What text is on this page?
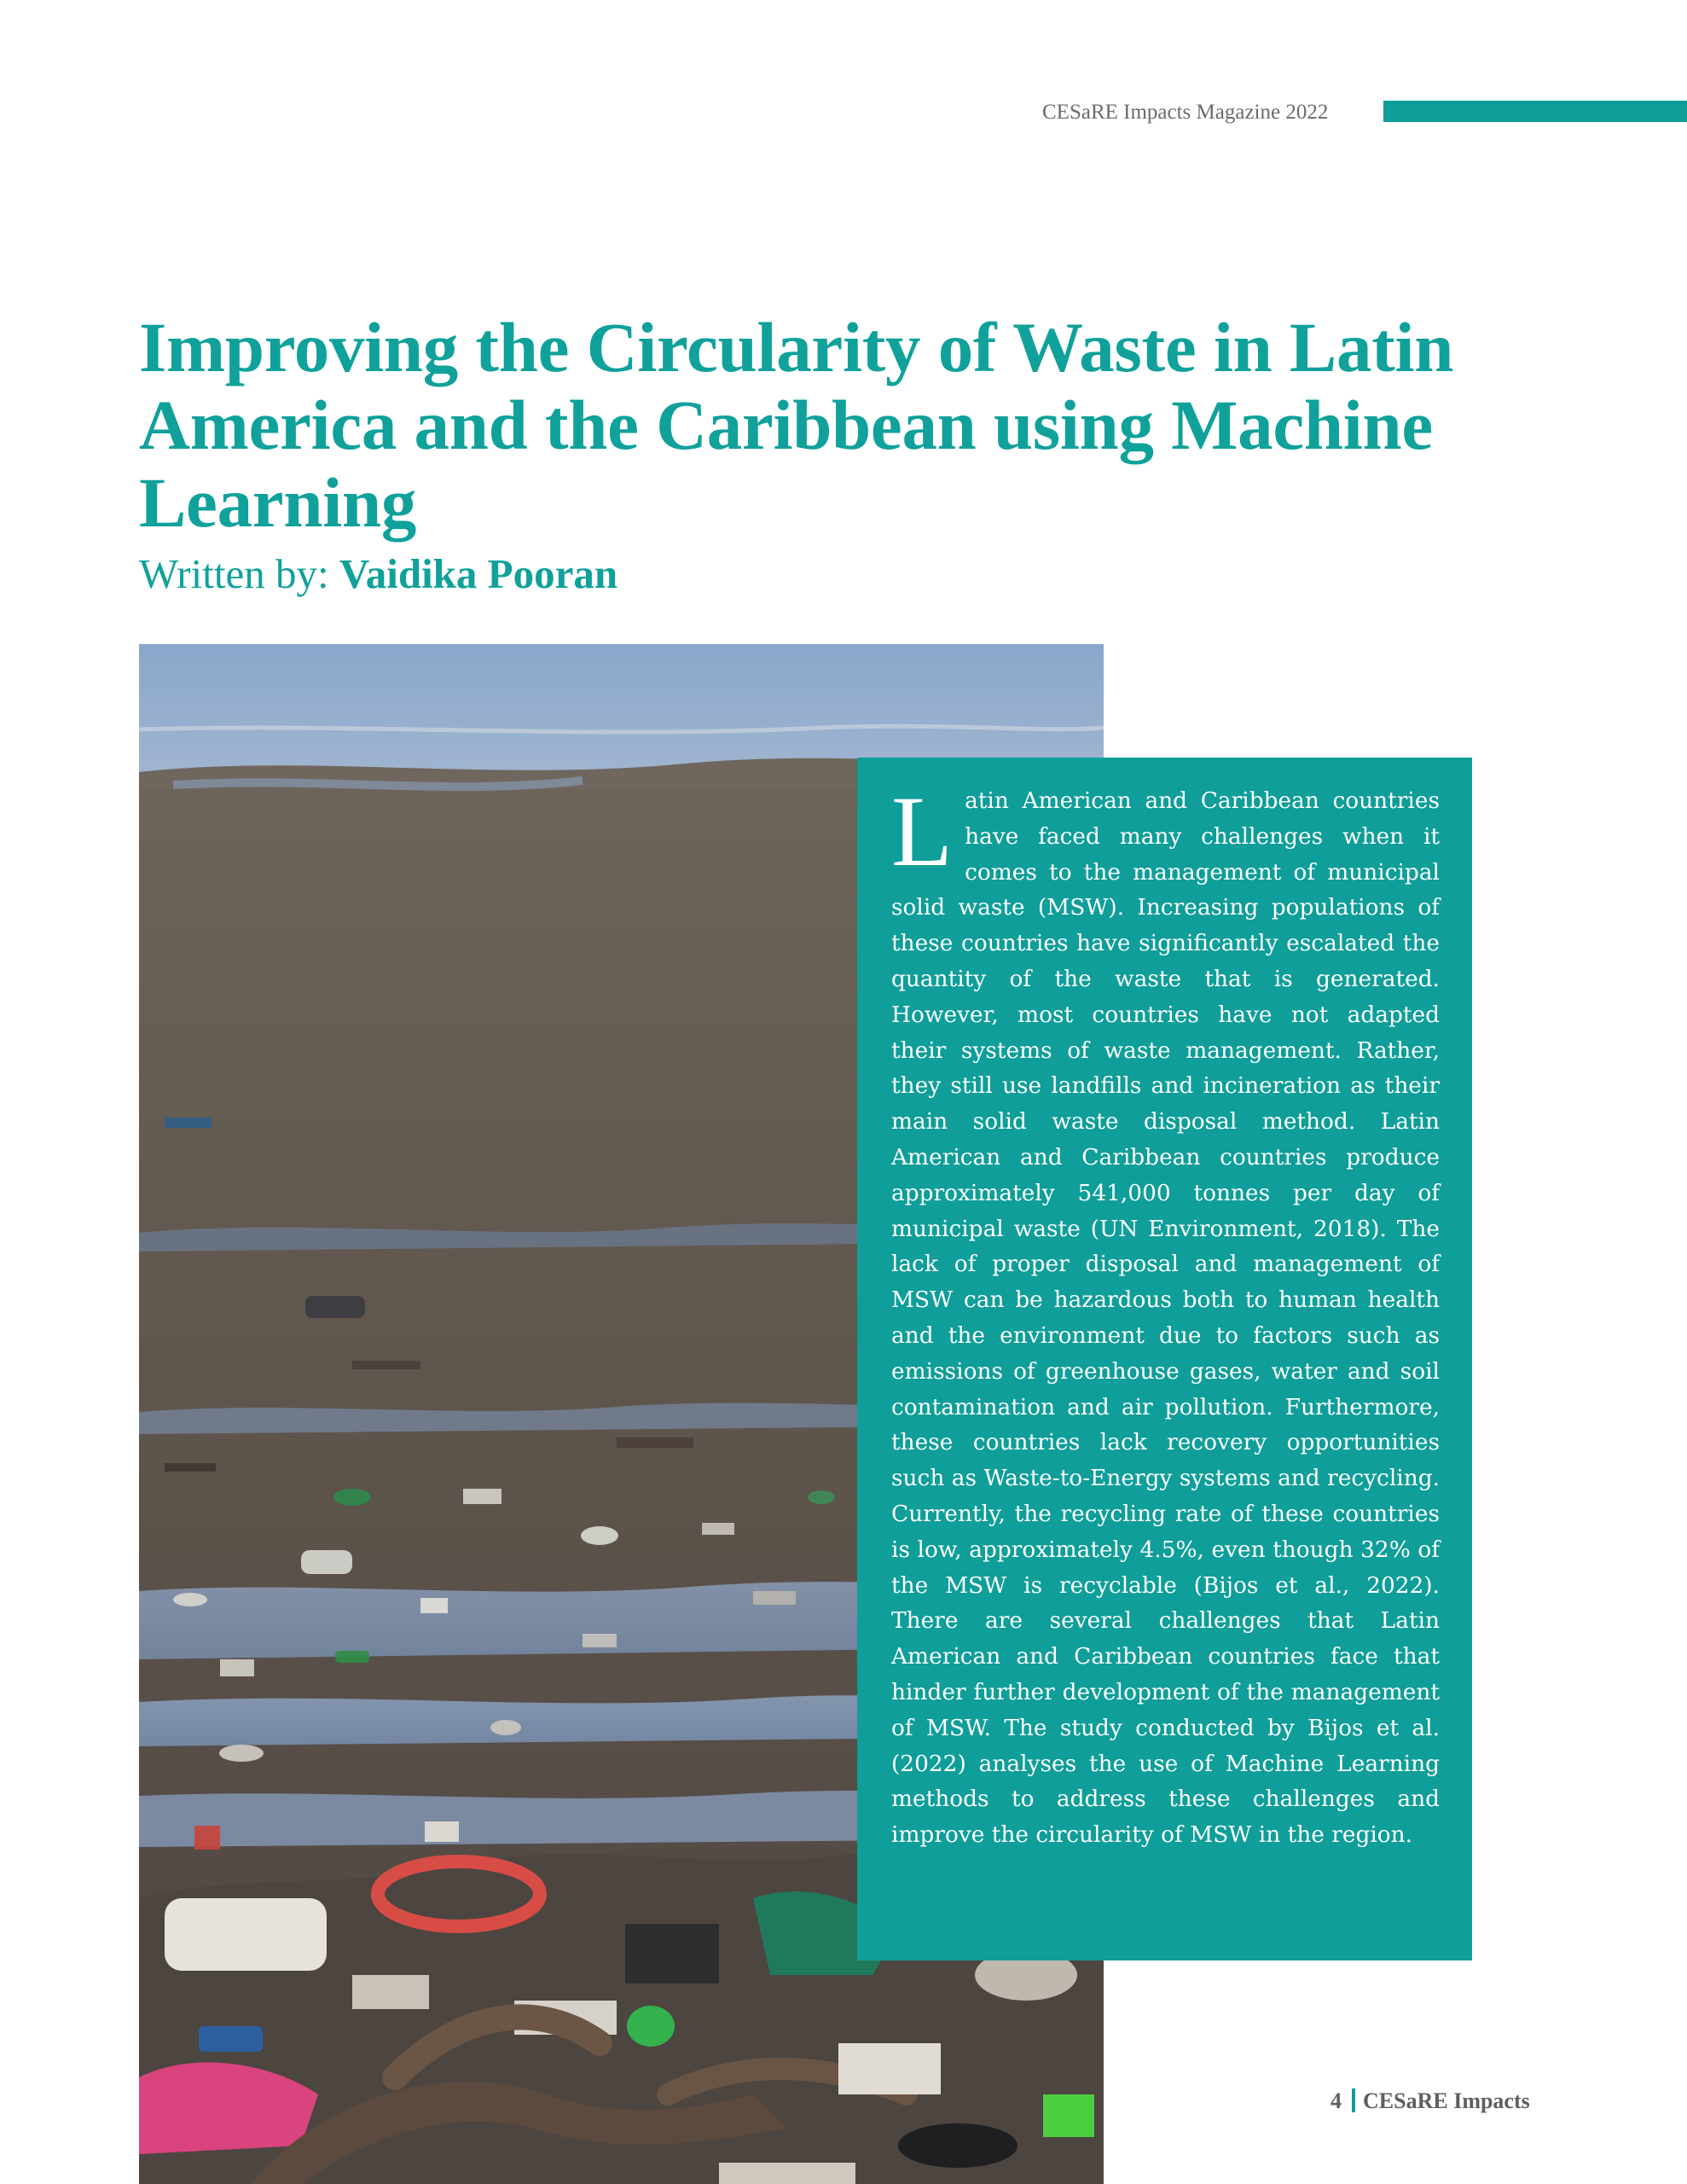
CESaRE Impacts Magazine 2022
Improving the Circularity of Waste in Latin America and the Caribbean using Machine Learning
Written by: Vaidika Pooran

Latin American and Caribbean countries have faced many challenges when it comes to the management of municipal solid waste (MSW). Increasing populations of these countries have significantly escalated the quantity of the waste that is generated. However, most countries have not adapted their systems of waste management. Rather, they still use landfills and incineration as their main solid waste disposal method. Latin American and Caribbean countries produce approximately 541,000 tonnes per day of municipal waste (UN Environment, 2018). The lack of proper disposal and management of MSW can be hazardous both to human health and the environment due to factors such as emissions of greenhouse gases, water and soil contamination and air pollution. Furthermore, these countries lack recovery opportunities such as Waste-to-Energy systems and recycling. Currently, the recycling rate of these countries is low, approximately 4.5%, even though 32% of the MSW is recyclable (Bijos et al., 2022). There are several challenges that Latin American and Caribbean countries face that hinder further development of the management of MSW. The study conducted by Bijos et al. (2022) analyses the use of Machine Learning methods to address these challenges and improve the circularity of MSW in the region.

4 CESaRE Impacts
